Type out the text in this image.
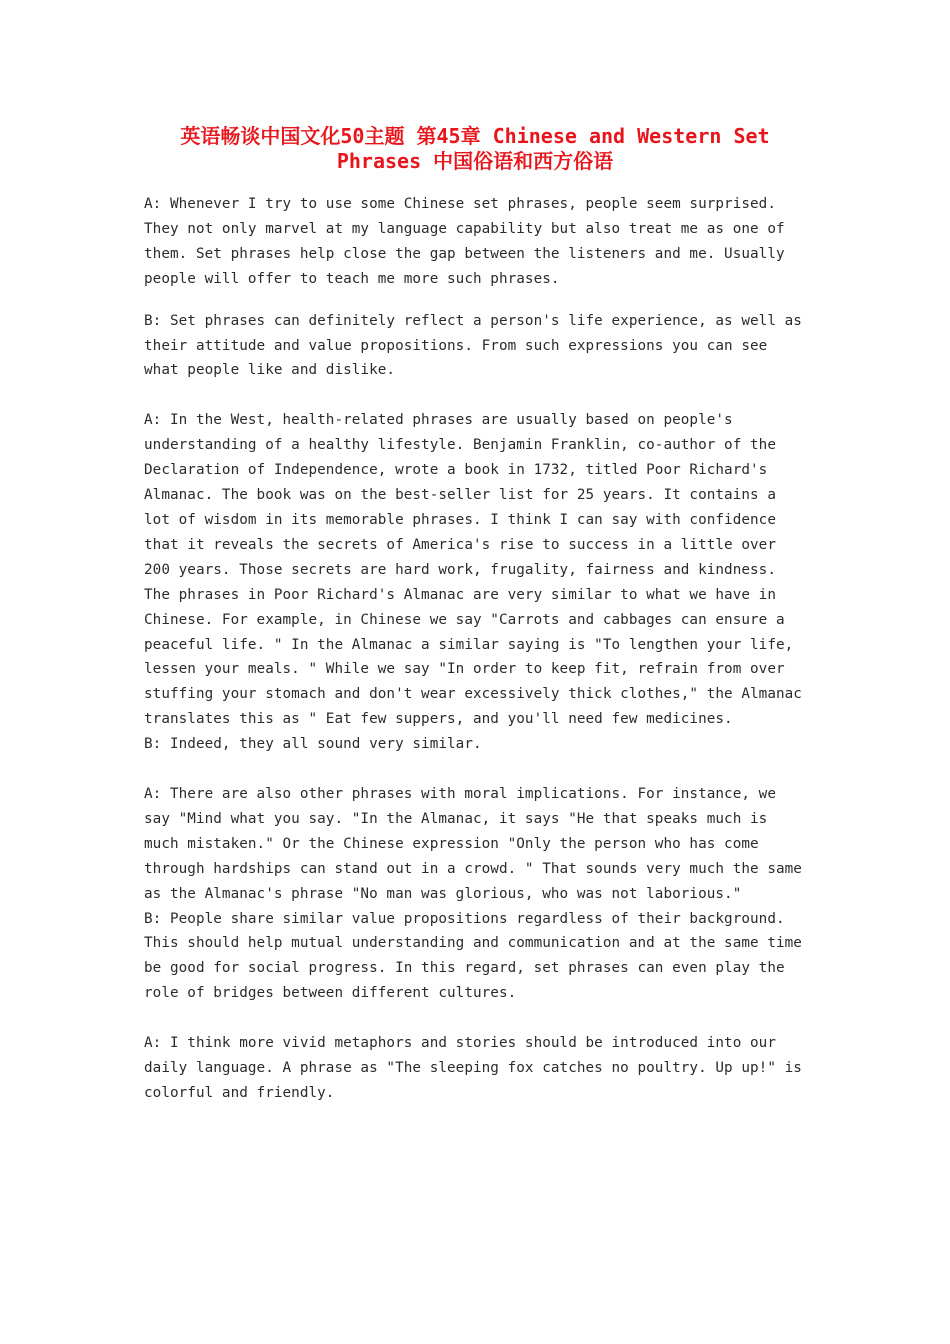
英语畅谈中国文化50主题 第45章 Chinese and Western Set
Phrases 中国俗语和西方俗语

A: Whenever I try to use some Chinese set phrases, people seem surprised. They not only marvel at my language capability but also treat me as one of them. Set phrases help close the gap between the listeners and me. Usually people will offer to teach me more such phrases.

B: Set phrases can definitely reflect a person's life experience, as well as their attitude and value propositions. From such expressions you can see what people like and dislike.

A: In the West, health-related phrases are usually based on people's understanding of a healthy lifestyle. Benjamin Franklin, co-author of the Declaration of Independence, wrote a book in 1732, titled Poor Richard's Almanac. The book was on the best-seller list for 25 years. It contains a lot of wisdom in its memorable phrases. I think I can say with confidence that it reveals the secrets of America's rise to success in a little over 200 years. Those secrets are hard work, frugality, fairness and kindness. The phrases in Poor Richard's Almanac are very similar to what we have in Chinese. For example, in Chinese we say "Carrots and cabbages can ensure a peaceful life. " In the Almanac a similar saying is "To lengthen your life, lessen your meals. " While we say "In order to keep fit, refrain from over stuffing your stomach and don't wear excessively thick clothes," the Almanac translates this as " Eat few suppers, and you'll need few medicines.

B: Indeed, they all sound very similar.

A: There are also other phrases with moral implications. For instance, we say "Mind what you say. "In the Almanac, it says "He that speaks much is much mistaken." Or the Chinese expression "Only the person who has come through hardships can stand out in a crowd. " That sounds very much the same as the Almanac's phrase "No man was glorious, who was not laborious."

B: People share similar value propositions regardless of their background. This should help mutual understanding and communication and at the same time be good for social progress. In this regard, set phrases can even play the role of bridges between different cultures.

A: I think more vivid metaphors and stories should be introduced into our daily language. A phrase as "The sleeping fox catches no poultry. Up up!" is colorful and friendly.
